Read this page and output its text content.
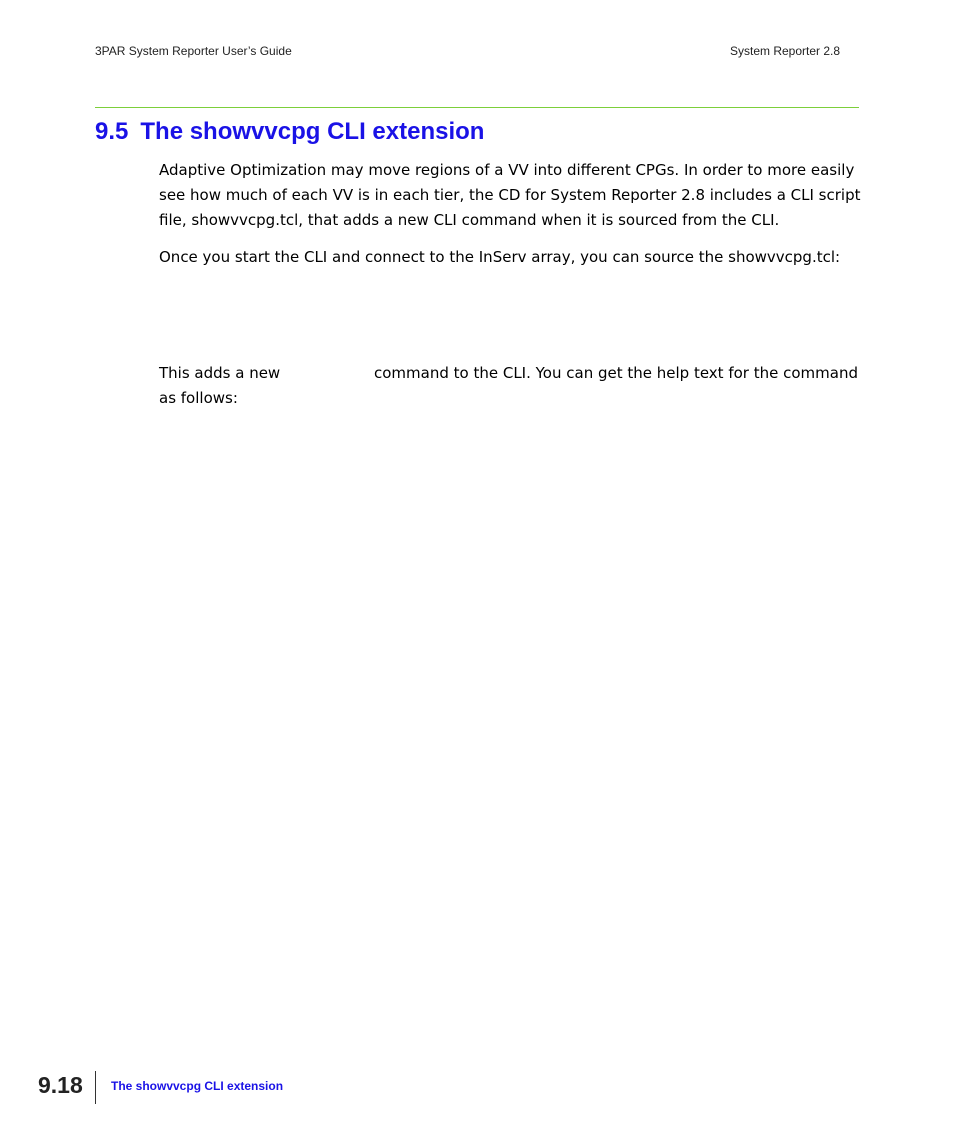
3PAR System Reporter User’s Guide	System Reporter 2.8
9.5 The showvvcpg CLI extension

Adaptive Optimization may move regions of a VV into different CPGs. In order to more easily see how much of each VV is in each tier, the CD for System Reporter 2.8 includes a CLI script file, showvvcpg.tcl, that adds a new CLI command when it is sourced from the CLI.

Once you start the CLI and connect to the InServ array, you can source the showvvcpg.tcl:

This adds a new	command to the CLI. You can get the help text for the command
as follows:
9.18 The showvvcpg CLI extension
